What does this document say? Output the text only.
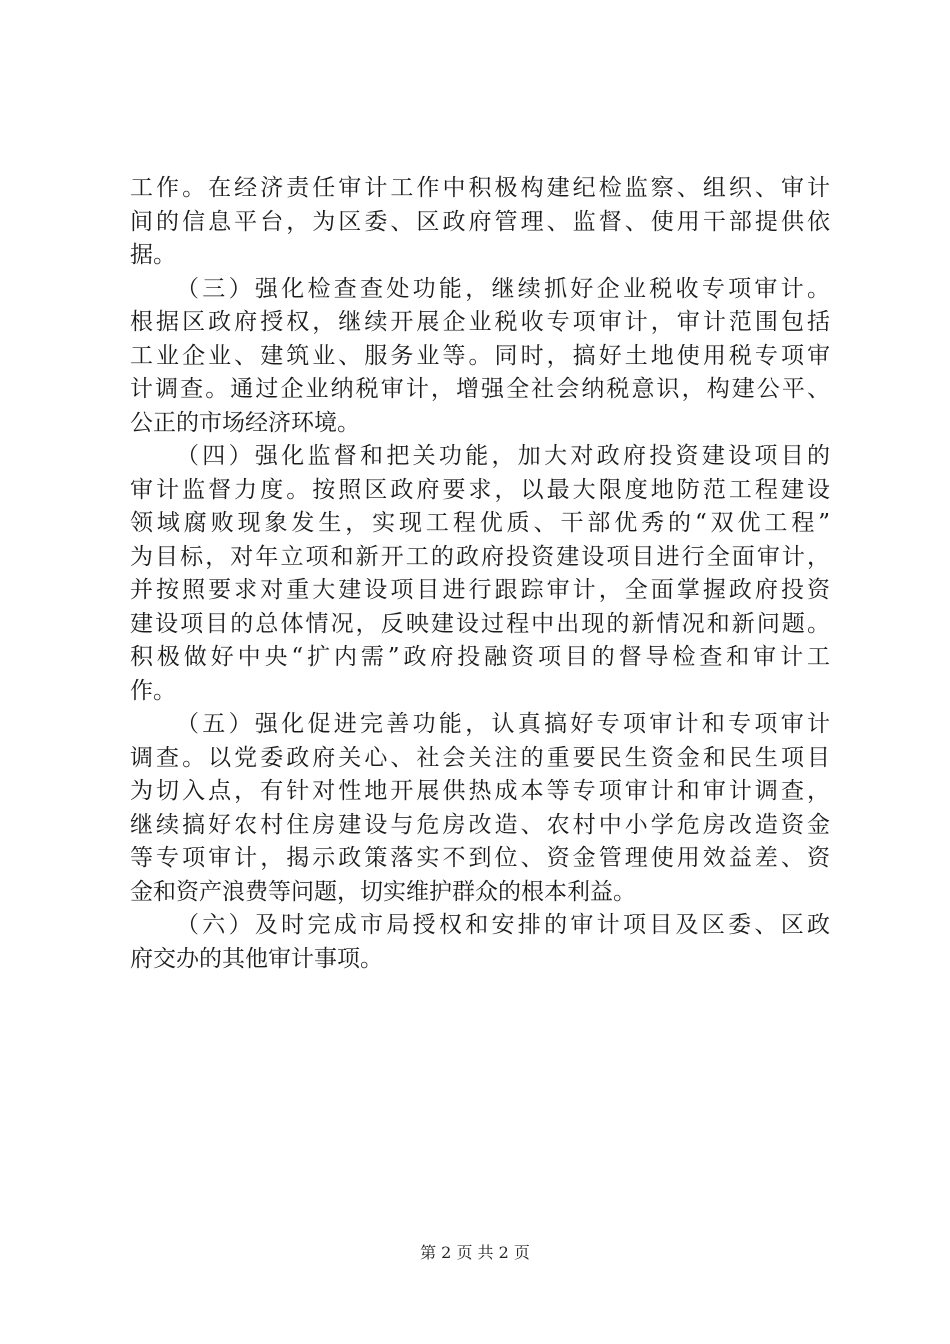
工作。在经济责任审计工作中积极构建纪检监察、组织、审计
间的信息平台，为区委、区政府管理、监督、使用干部提供依
据。
（三）强化检查查处功能，继续抓好企业税收专项审计。
根据区政府授权，继续开展企业税收专项审计，审计范围包括
工业企业、建筑业、服务业等。同时，搞好土地使用税专项审
计调查。通过企业纳税审计，增强全社会纳税意识，构建公平、
公正的市场经济环境。
（四）强化监督和把关功能，加大对政府投资建设项目的
审计监督力度。按照区政府要求，以最大限度地防范工程建设
领域腐败现象发生，实现工程优质、干部优秀的“双优工程”
为目标，对年立项和新开工的政府投资建设项目进行全面审计，
并按照要求对重大建设项目进行跟踪审计，全面掌握政府投资
建设项目的总体情况，反映建设过程中出现的新情况和新问题。
积极做好中央“扩内需”政府投融资项目的督导检查和审计工
作。
（五）强化促进完善功能，认真搞好专项审计和专项审计
调查。以党委政府关心、社会关注的重要民生资金和民生项目
为切入点，有针对性地开展供热成本等专项审计和审计调查，
继续搞好农村住房建设与危房改造、农村中小学危房改造资金
等专项审计，揭示政策落实不到位、资金管理使用效益差、资
金和资产浪费等问题，切实维护群众的根本利益。
（六）及时完成市局授权和安排的审计项目及区委、区政
府交办的其他审计事项。
第 2 页 共 2 页
